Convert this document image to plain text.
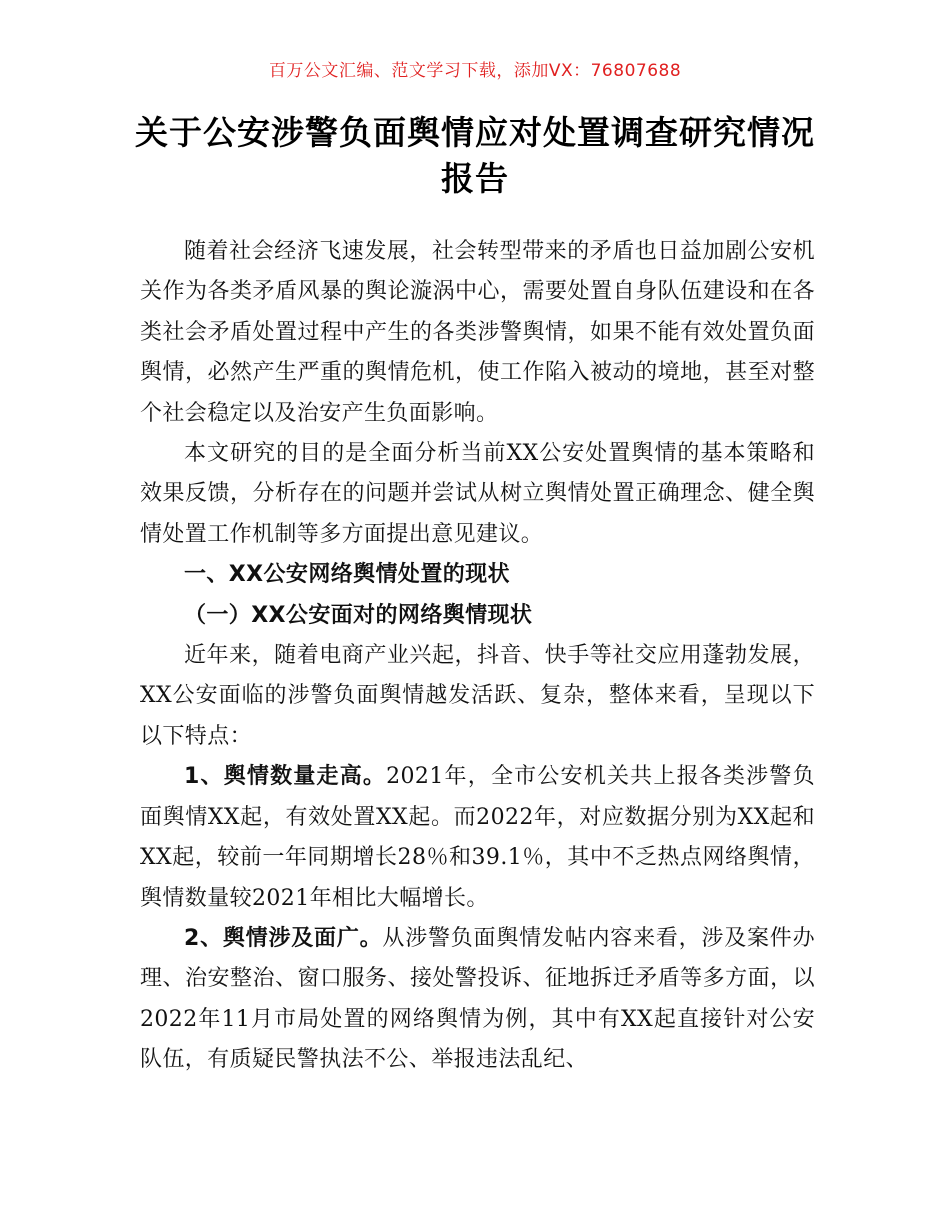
百万公文汇编、范文学习下载，添加VX：76807688
关于公安涉警负面舆情应对处置调查研究情况报告

随着社会经济飞速发展，社会转型带来的矛盾也日益加剧公安机关作为各类矛盾风暴的舆论漩涡中心，需要处置自身队伍建设和在各类社会矛盾处置过程中产生的各类涉警舆情，如果不能有效处置负面舆情，必然产生严重的舆情危机，使工作陷入被动的境地，甚至对整个社会稳定以及治安产生负面影响。

本文研究的目的是全面分析当前XX公安处置舆情的基本策略和效果反馈，分析存在的问题并尝试从树立舆情处置正确理念、健全舆情处置工作机制等多方面提出意见建议。

一、XX公安网络舆情处置的现状

（一）XX公安面对的网络舆情现状

近年来，随着电商产业兴起，抖音、快手等社交应用蓬勃发展，XX公安面临的涉警负面舆情越发活跃、复杂，整体来看，呈现以下以下特点：

1、舆情数量走高。2021年，全市公安机关共上报各类涉警负面舆情XX起，有效处置XX起。而2022年，对应数据分别为XX起和XX起，较前一年同期增长28％和39.1％，其中不乏热点网络舆情，舆情数量较2021年相比大幅增长。

2、舆情涉及面广。从涉警负面舆情发帖内容来看，涉及案件办理、治安整治、窗口服务、接处警投诉、征地拆迁矛盾等多方面，以2022年11月市局处置的网络舆情为例，其中有XX起直接针对公安队伍，有质疑民警执法不公、举报违法乱纪、
